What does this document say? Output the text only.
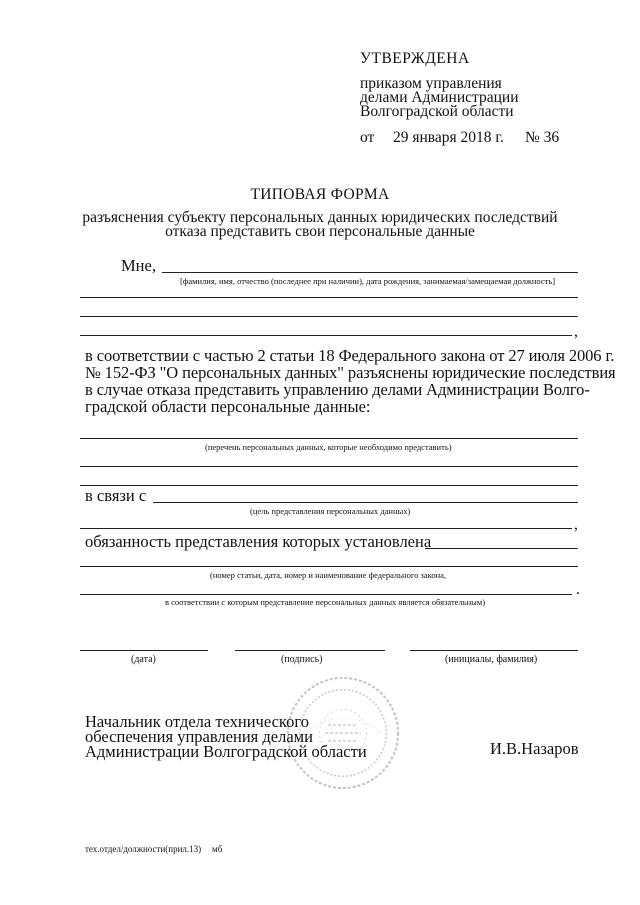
УТВЕРЖДЕНА
приказом управления
делами Администрации
Волгоградской области
от 29 января 2018 г. № 36
ТИПОВАЯ ФОРМА
разъяснения субъекту персональных данных юридических последствий
отказа представить свои персональные данные
Мне,
[фамилия, имя, отчество (последнее при наличии), дата рождения, занимаемая/замещаемая должность]
,
в соответствии с частью 2 статьи 18 Федерального закона от 27 июля 2006 г.
№ 152-ФЗ "О персональных данных" разъяснены юридические последствия
в случае отказа представить управлению делами Администрации Волго-
градской области персональные данные:
(перечень персональных данных, которые необходимо представить)
в связи с
(цель представления персональных данных)
,
обязанность представления которых установлена
(номер статьи, дата, номер и наименование федерального закона,
.
в соответствии с которым представление персональных данных является обязательным)
(дата)	(подпись)	(инициалы, фамилия)
Начальник отдела технического
обеспечения управления делами
Администрации Волгоградской области	И.В.Назаров
тех.отдел/должности(прил.13) мб
